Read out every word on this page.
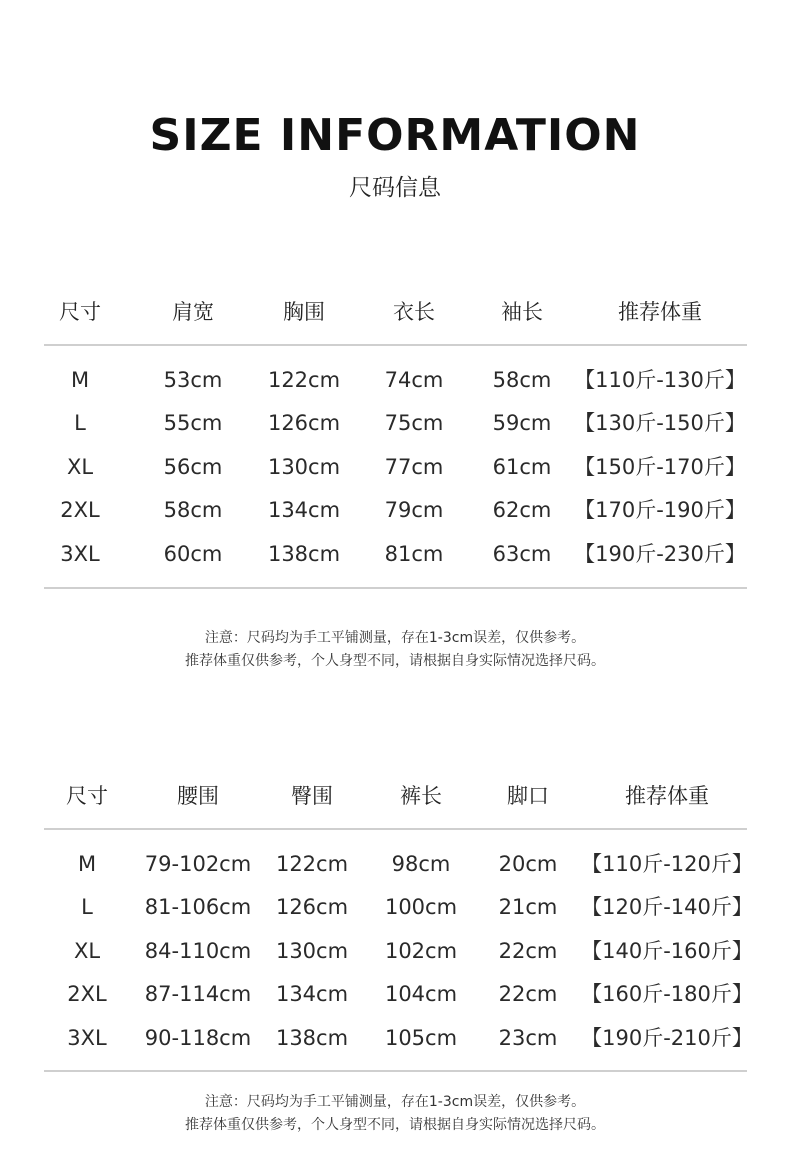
SIZE INFORMATION
尺码信息
尺寸	肩宽	胸围	衣长	袖长	推荐体重
M	53cm 122cm 74cm 58cm 【110斤-130斤】
L	55cm 126cm 75cm 59cm 【130斤-150斤】
XL	56cm 130cm 77cm 61cm 【150斤-170斤】
2XL	58cm 134cm 79cm 62cm 【170斤-190斤】
3XL	60cm 138cm 81cm 63cm 【190斤-230斤】
注意：尺码均为手工平铺测量，存在1-3cm误差，仅供参考。
推荐体重仅供参考，个人身型不同，请根据自身实际情况选择尺码。
尺寸	腰围	臀围	裤长	脚口	推荐体重
M 79-102cm 122cm 98cm 20cm 【110斤-120斤】
L 81-106cm 126cm 100cm 21cm 【120斤-140斤】
XL 84-110cm 130cm 102cm 22cm 【140斤-160斤】
2XL 87-114cm 134cm 104cm 22cm 【160斤-180斤】
3XL 90-118cm 138cm 105cm 23cm 【190斤-210斤】
注意：尺码均为手工平铺测量，存在1-3cm误差，仅供参考。
推荐体重仅供参考，个人身型不同，请根据自身实际情况选择尺码。
